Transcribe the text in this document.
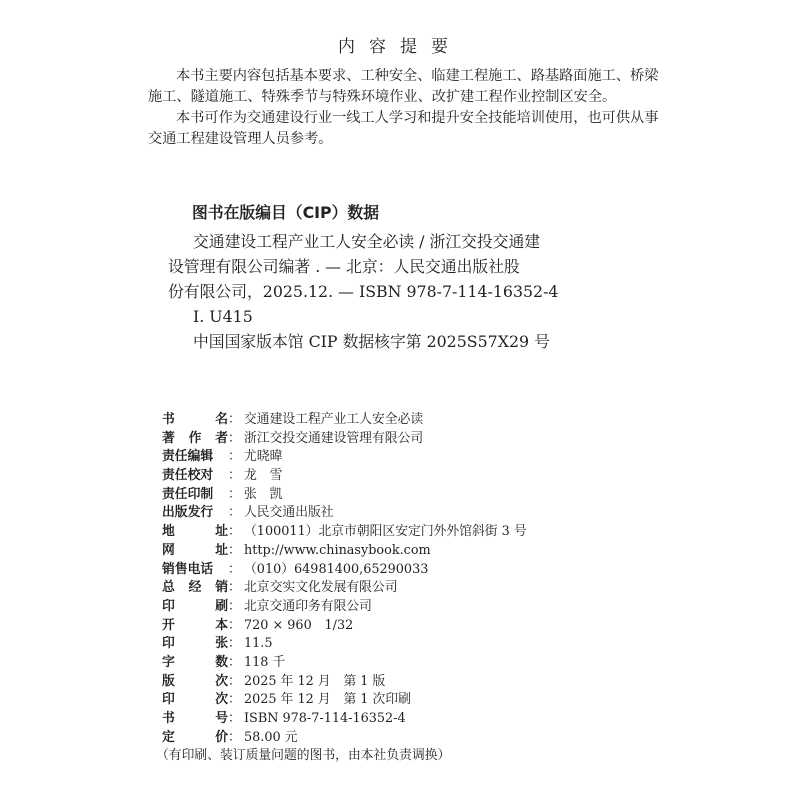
内容提要

本书主要内容包括基本要求、工种安全、临建工程施工、路基路面施工、桥梁施工、隧道施工、特殊季节与特殊环境作业、改扩建工程作业控制区安全。

本书可作为交通建设行业一线工人学习和提升安全技能培训使用，也可供从事交通工程建设管理人员参考。

图书在版编目（CIP）数据
交通建设工程产业工人安全必读 / 浙江交投交通建
设管理有限公司编著 . — 北京：人民交通出版社股
份有限公司，2025.12. — ISBN 978-7-114-16352-4
Ⅰ. U415
中国国家版本馆 CIP 数据核字第 2025S57X29 号
书	名 ： 交通建设工程产业工人安全必读
著 作 者 ： 浙江交投交通建设管理有限公司
责任编辑 ： 尤晓暐
责任校对 ： 龙　雪
责任印制 ： 张　凯
出版发行 ： 人民交通出版社
地	址 ： （100011）北京市朝阳区安定门外外馆斜街 3 号
网	址 ： http://www.chinasybook.com
销售电话 ： （010）64981400,65290033
总 经 销 ： 北京交实文化发展有限公司
印	刷 ： 北京交通印务有限公司
开	本 ： 720 × 960　1/32
印	张 ： 11.5
字	数 ： 118 千
版	次 ： 2025 年 12 月　第 1 版
印	次 ： 2025 年 12 月　第 1 次印刷
书	号 ： ISBN 978-7-114-16352-4
定	价 ： 58.00 元
（有印刷、装订质量问题的图书，由本社负责调换）
